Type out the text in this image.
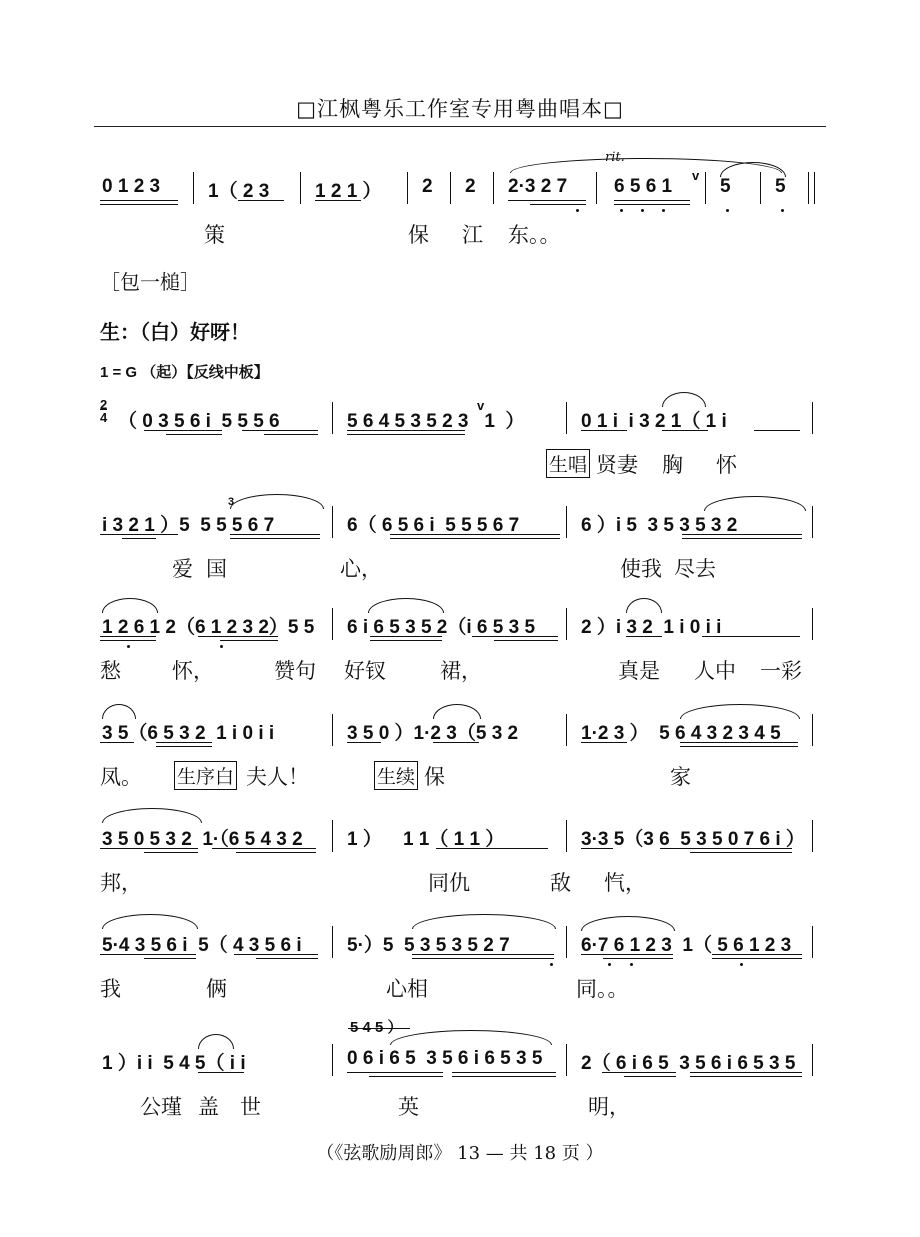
□江枫粤乐工作室专用粤曲唱本□
0 1 2 3	1（ 2 3 1 2 1 ） 2 2 2·3 2 7 6 5 6 1
v
5 5
rit.
策	保 江 东。。
［包一槌］
生：（白）好呀！
1 = G （起）【反线中板】
2
4 （ 0 3 5 6 i  5 5 5 6	5 6 4 5 3 5 2 3   1  ）
v
0 1 i  i 3 2 1（ 1 i
生唱 贤妻 胸 怀
i 3 2 1 ）5  5 5 5 6 7
3
6（ 6 5 6 i  5 5 5 6 7	6 ）i 5  3 5 3 5 3 2
爱 国	心，	使我 尽去
1 2 6 1 2（6 1 2 3 2）5 5 6 i 6 5 3 5 2（i 6 5 3 5 2 ）i 3 2  1 i 0 i i
愁 怀，	赞句 好钗	裙，	真是 人中 一彩
3 5（6 5 3 2  1 i 0 i i	3 5 0 ）1·2 3（5 3 2	1·2 3 ）  5 6 4 3 2 3 4 5
凤。 生序白 夫人！	生续 保	家
3 5 0 5 3 2  1·（6 5 4 3 2 1 ）    1 1（ 1 1 ）	3·3 5（3 6  5 3 5 0 7 6 i ）
邦，	同仇	敌 忾，
5·4 3 5 6 i  5（ 4 3 5 6 i 5·）5  5 3 5 3 5 2 7	6·7 6 1 2 3  1（ 5 6 1 2 3
我	俩	心相	同。。
5 4 5 ）
1 ）i i  5 4 5（ i i	0 6 i 6 5  3 5 6 i 6 5 3 5 2（ 6 i 6 5  3 5 6 i 6 5 3 5
公瑾 盖 世	英	明，
（《弦歌励周郎》 13 — 共 18 页 ）
